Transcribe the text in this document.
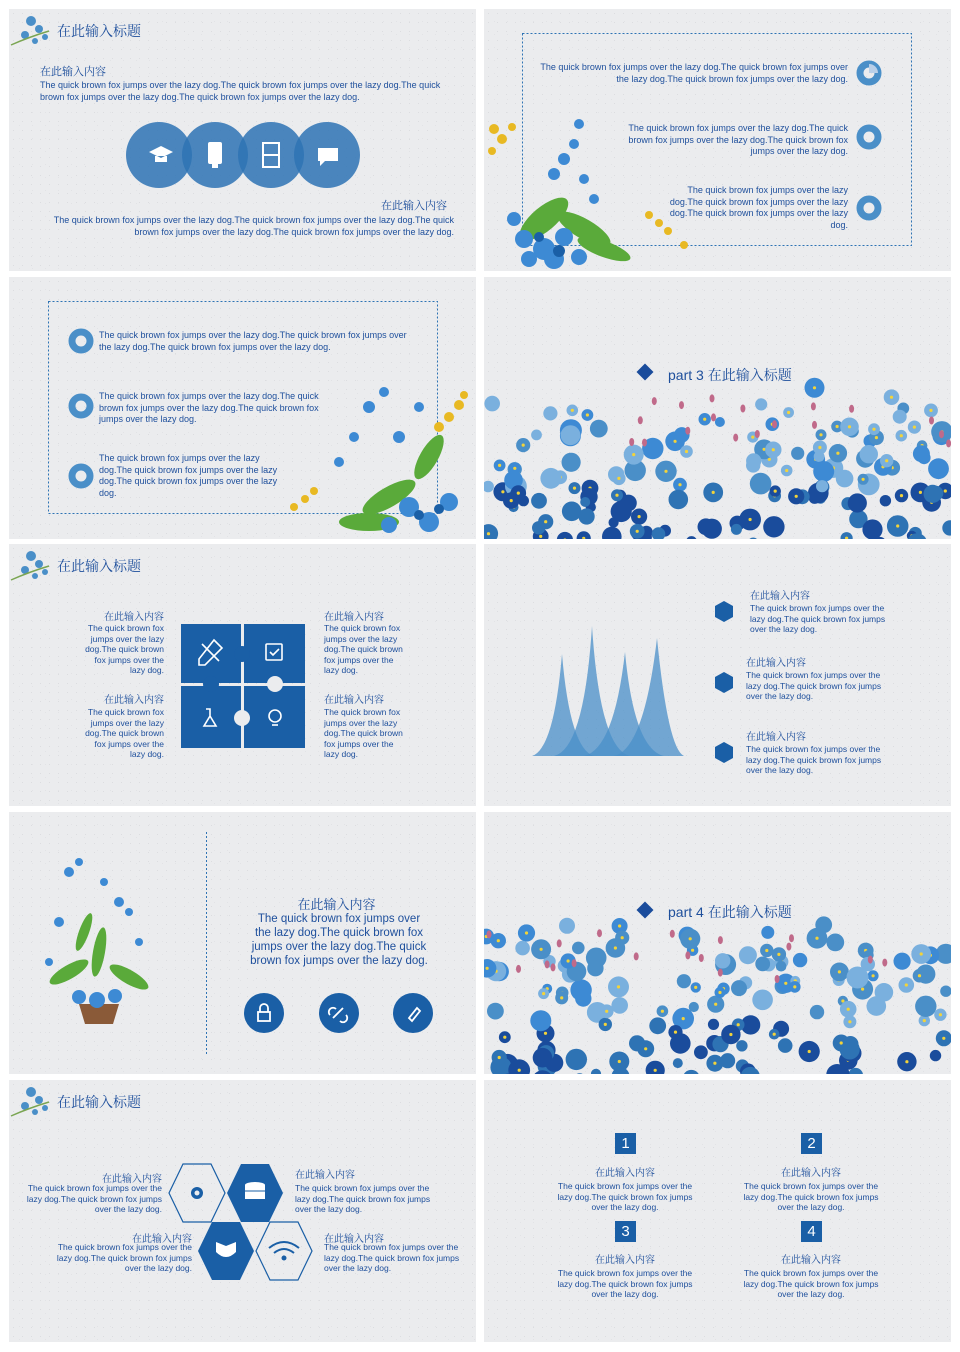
在此输入标题
在此输入内容
The quick brown fox jumps over the lazy dog.The quick brown fox jumps over the lazy dog.The quick brown fox jumps over the lazy dog.The quick brown fox jumps over the lazy dog.
在此输入内容
The quick brown fox jumps over the lazy dog.The quick brown fox jumps over the lazy dog.The quick brown fox jumps over the lazy dog.The quick brown fox jumps over the lazy dog.
The quick brown fox jumps over the lazy dog.The quick brown fox jumps over the lazy dog.The quick brown fox jumps over the lazy dog.
The quick brown fox jumps over the lazy dog.The quick brown fox jumps over the lazy dog.The quick brown fox jumps over the lazy dog.
The quick brown fox jumps over the lazy dog.The quick brown fox jumps over the lazy dog.The quick brown fox jumps over the lazy dog.
The quick brown fox jumps over the lazy dog.The quick brown fox jumps over the lazy dog.The quick brown fox jumps over the lazy dog.
The quick brown fox jumps over the lazy dog.The quick brown fox jumps over the lazy dog.The quick brown fox jumps over the lazy dog.
The quick brown fox jumps over the lazy dog.The quick brown fox jumps over the lazy dog.The quick brown fox jumps over the lazy dog.
part 3 在此输入标题
在此输入内容
The quick brown fox jumps over the lazy dog.The quick brown fox jumps over the lazy dog.
在此输入内容
The quick brown fox jumps over the lazy dog.The quick brown fox jumps over the lazy dog.
在此输入内容
The quick brown fox jumps over the lazy dog.The quick brown fox jumps over the lazy dog.
在此输入内容
The quick brown fox jumps over the lazy dog.The quick brown fox jumps over the lazy dog.
在此输入标题
在此输入内容
The quick brown fox jumps over the lazy dog.The quick brown fox jumps over the lazy dog.
在此输入内容
The quick brown fox jumps over the lazy dog.The quick brown fox jumps over the lazy dog.
在此输入内容
The quick brown fox jumps over the lazy dog.The quick brown fox jumps over the lazy dog.
在此输入内容
The quick brown fox jumps over the lazy dog.The quick brown fox jumps over the lazy dog.The quick brown fox jumps over the lazy dog.
part 4 在此输入标题
在此输入标题
在此输入内容
The quick brown fox jumps over the lazy dog.The quick brown fox jumps over the lazy dog.
在此输入内容
The quick brown fox jumps over the lazy dog.The quick brown fox jumps over the lazy dog.
在此输入内容
The quick brown fox jumps over the lazy dog.The quick brown fox jumps over the lazy dog.
在此输入内容
The quick brown fox jumps over the lazy dog.The quick brown fox jumps over the lazy dog.
1	2
3	4
在此输入内容
The quick brown fox jumps over the lazy dog.The quick brown fox jumps over the lazy dog.
在此输入内容
The quick brown fox jumps over the lazy dog.The quick brown fox jumps over the lazy dog.
在此输入内容
The quick brown fox jumps over the lazy dog.The quick brown fox jumps over the lazy dog.
在此输入内容
The quick brown fox jumps over the lazy dog.The quick brown fox jumps over the lazy dog.
